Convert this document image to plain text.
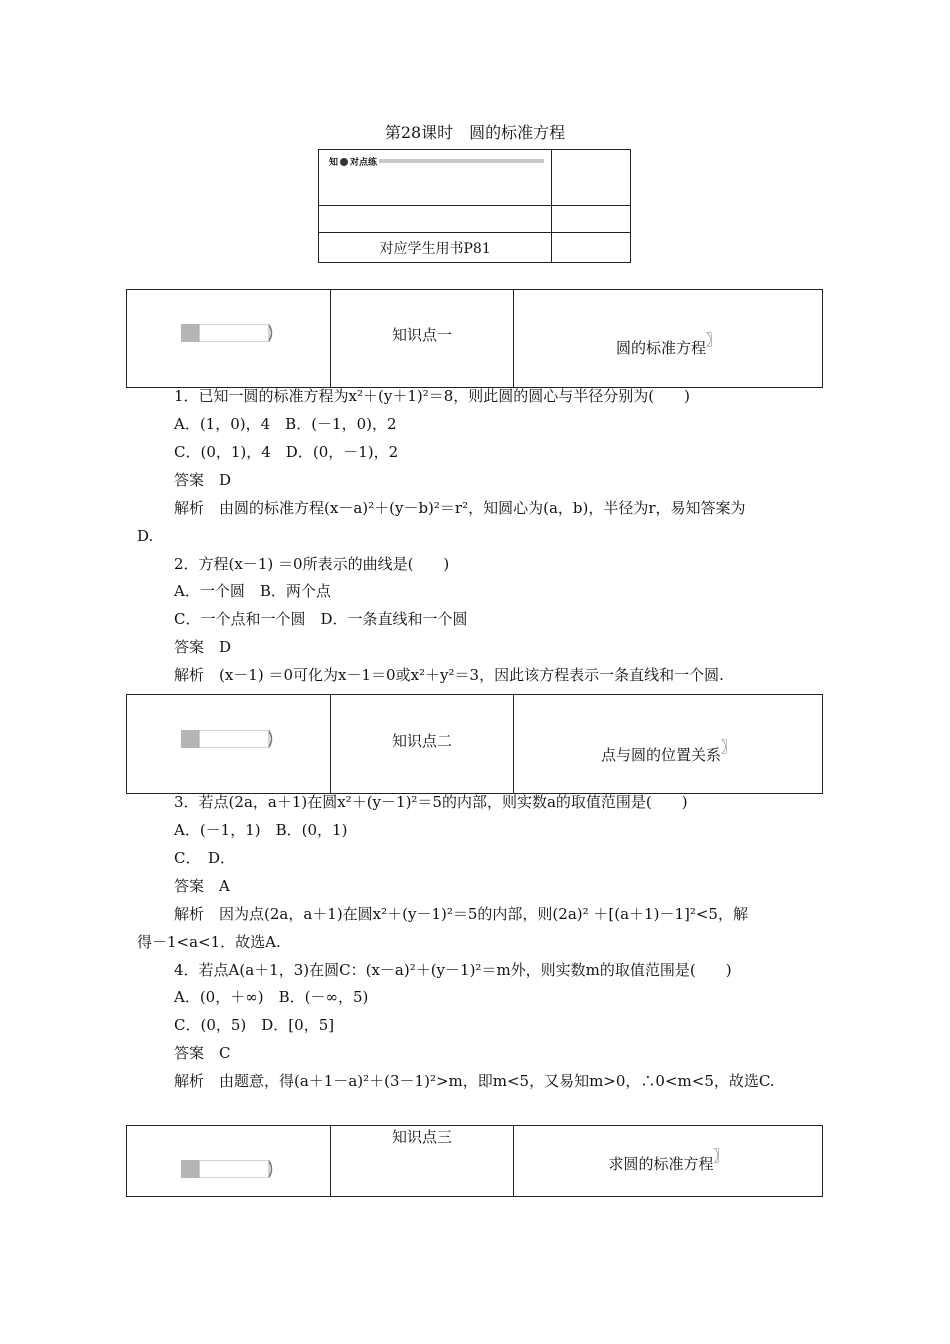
第28课时　圆的标准方程
知 对点练	

对应学生用书P81	
知识点一
圆的标准方程〗
1．已知一圆的标准方程为x²＋(y＋1)²＝8，则此圆的圆心与半径分别为(　　)
A．(1，0)，4　B．(－1，0)，2
C．(0，1)，4　D．(0，－1)，2
答案　D
解析　由圆的标准方程(x－a)²＋(y－b)²＝r²，知圆心为(a，b)，半径为r，易知答案为
D.
2．方程(x－1) ＝0所表示的曲线是(　　)
A．一个圆　B．两个点
C．一个点和一个圆　D．一条直线和一个圆
答案　D
解析　(x－1) ＝0可化为x－1＝0或x²＋y²＝3，因此该方程表示一条直线和一个圆.
知识点二
点与圆的位置关系〗
3．若点(2a，a＋1)在圆x²＋(y－1)²＝5的内部，则实数a的取值范围是(　　)
A．(－1，1)　B．(0，1)
C．　D．
答案　A
解析　因为点(2a，a＋1)在圆x²＋(y－1)²＝5的内部，则(2a)² ＋[(a＋1)－1]²<5，解
得－1<a<1．故选A.
4．若点A(a＋1，3)在圆C：(x－a)²＋(y－1)²＝m外，则实数m的取值范围是(　　)
A．(0，＋∞)　B．(－∞，5)
C．(0，5)　D．[0，5]
答案　C
解析　由题意，得(a＋1－a)²＋(3－1)²>m，即m<5，又易知m>0，∴0<m<5，故选C.
知识点三
求圆的标准方程〗
